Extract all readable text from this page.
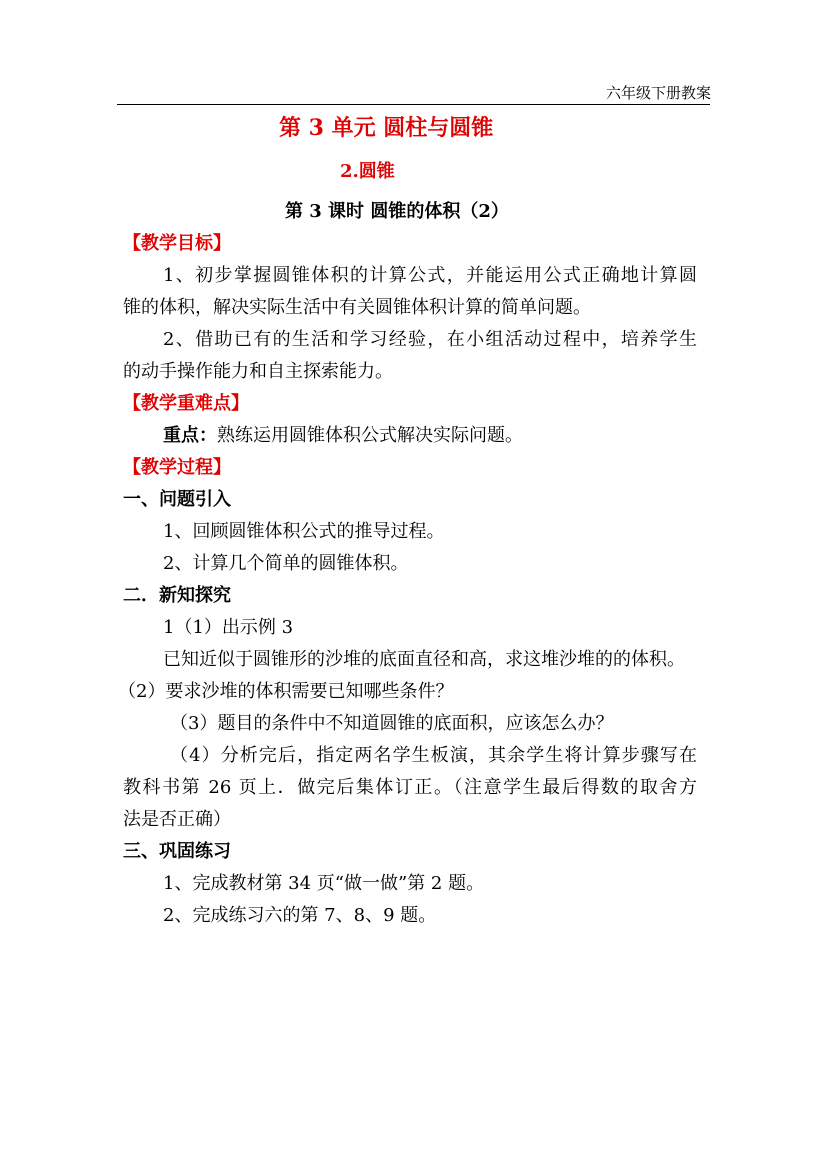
六年级下册教案
第 3 单元 圆柱与圆锥
2.圆锥
第 3 课时 圆锥的体积（2）
【教学目标】
1、初步掌握圆锥体积的计算公式，并能运用公式正确地计算圆
锥的体积，解决实际生活中有关圆锥体积计算的简单问题。
2、借助已有的生活和学习经验，在小组活动过程中，培养学生
的动手操作能力和自主探索能力。
【教学重难点】
重点：熟练运用圆锥体积公式解决实际问题。
【教学过程】
一、问题引入
1、回顾圆锥体积公式的推导过程。
2、计算几个简单的圆锥体积。
二．新知探究
1（1）出示例 3
已知近似于圆锥形的沙堆的底面直径和高，求这堆沙堆的的体积。
（2）要求沙堆的体积需要已知哪些条件？
（3）题目的条件中不知道圆锥的底面积，应该怎么办？
（4）分析完后，指定两名学生板演，其余学生将计算步骤写在
教科书第 26 页上．做完后集体订正。（注意学生最后得数的取舍方
法是否正确）
三、巩固练习
1、完成教材第 34 页“做一做”第 2 题。
2、完成练习六的第 7、8、9 题。
